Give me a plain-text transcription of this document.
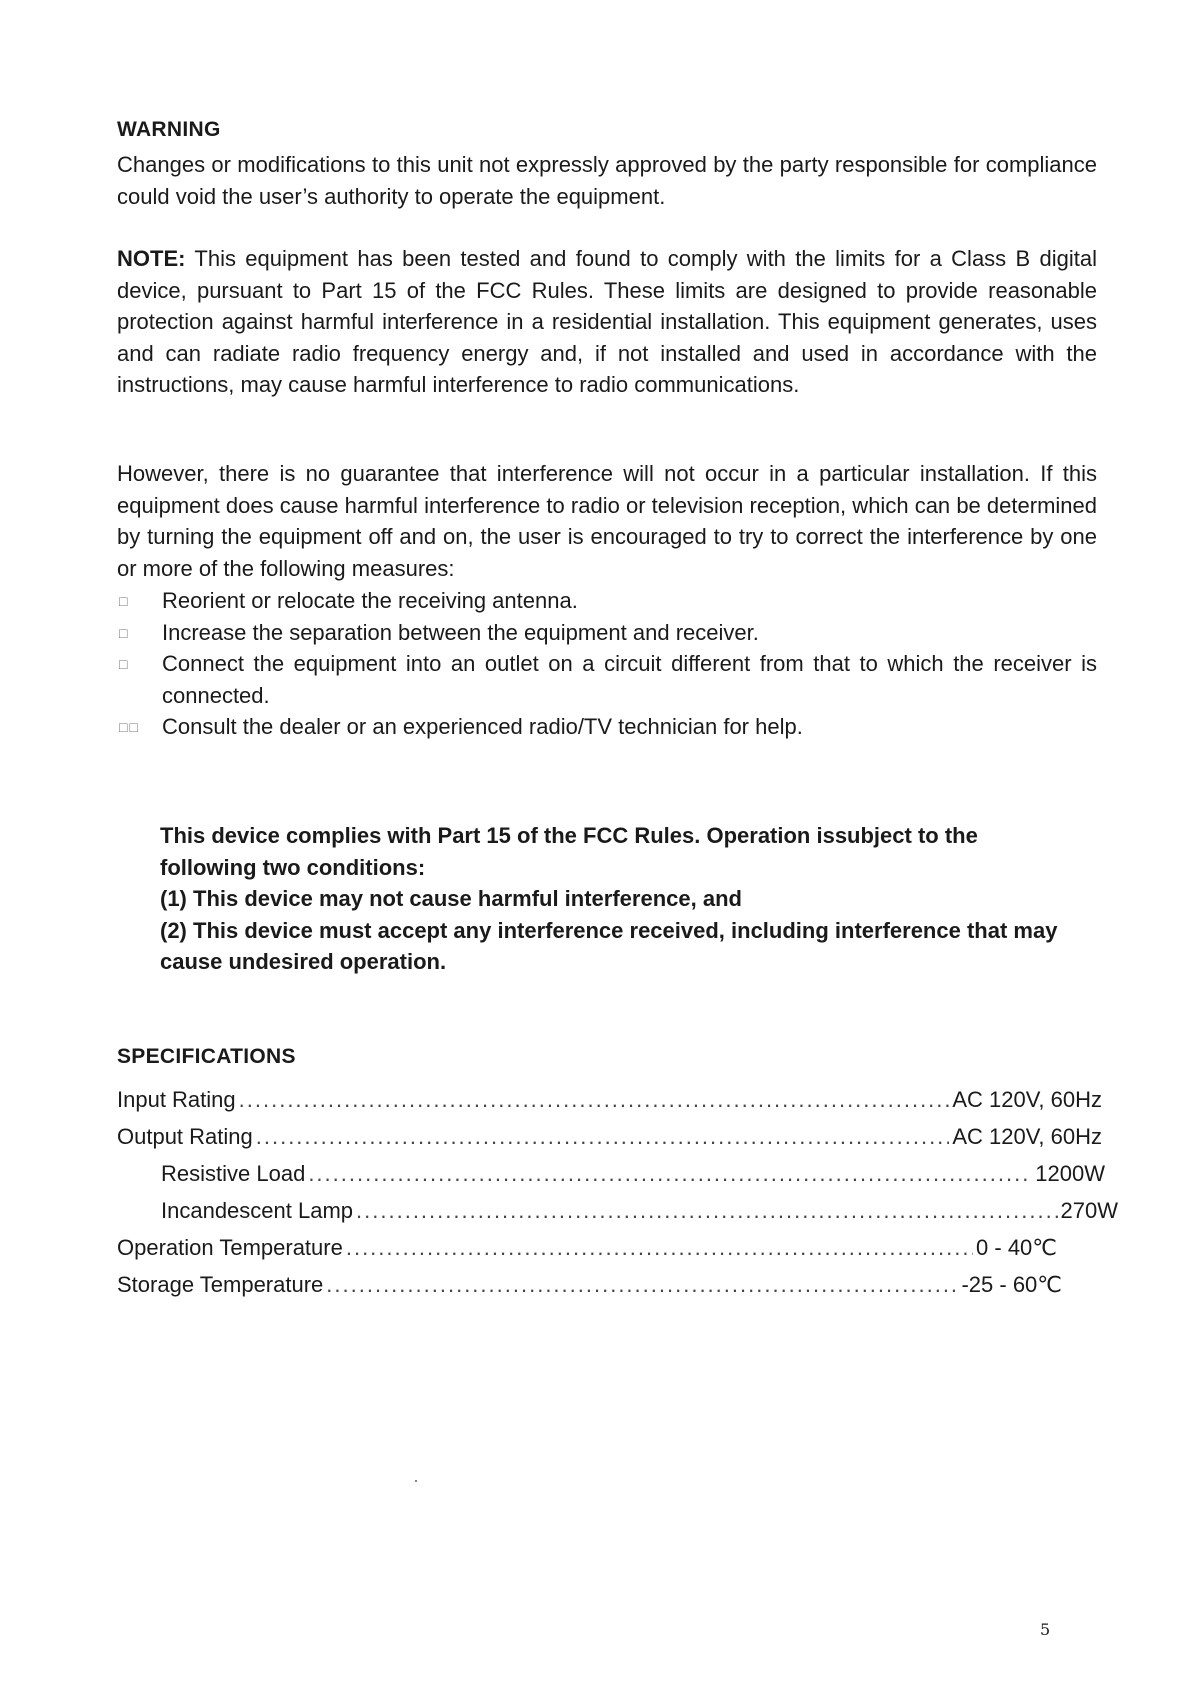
WARNING

Changes or modifications to this unit not expressly approved by the party responsible for compliance could void the user’s authority to operate the equipment.

NOTE: This equipment has been tested and found to comply with the limits for a Class B digital device, pursuant to Part 15 of the FCC Rules. These limits are designed to provide reasonable protection against harmful interference in a residential installation. This equipment generates, uses and can radiate radio frequency energy and, if not installed and used in accordance with the instructions, may cause harmful interference to radio communications.

However, there is no guarantee that interference will not occur in a particular installation. If this equipment does cause harmful interference to radio or television reception, which can be determined by turning the equipment off and on, the user is encouraged to try to correct the interference by one or more of the following measures:

□ Reorient or relocate the receiving antenna.
□ Increase the separation between the equipment and receiver.
□ Connect the equipment into an outlet on a circuit different from that to which the receiver is connected.
□□ Consult the dealer or an experienced radio/TV technician for help.

This device complies with Part 15 of the FCC Rules. Operation issubject to the following two conditions:

(1) This device may not cause harmful interference, and

(2) This device must accept any interference received, including interference that may cause undesired operation.

SPECIFICATIONS
Input Rating .....	AC 120V, 60Hz
Output Rating .....	AC 120V, 60Hz
Resistive Load .....	1200W
Incandescent Lamp .....	270W
Operation Temperature .....	0 - 40℃
Storage Temperature .....	-25 - 60℃
5
